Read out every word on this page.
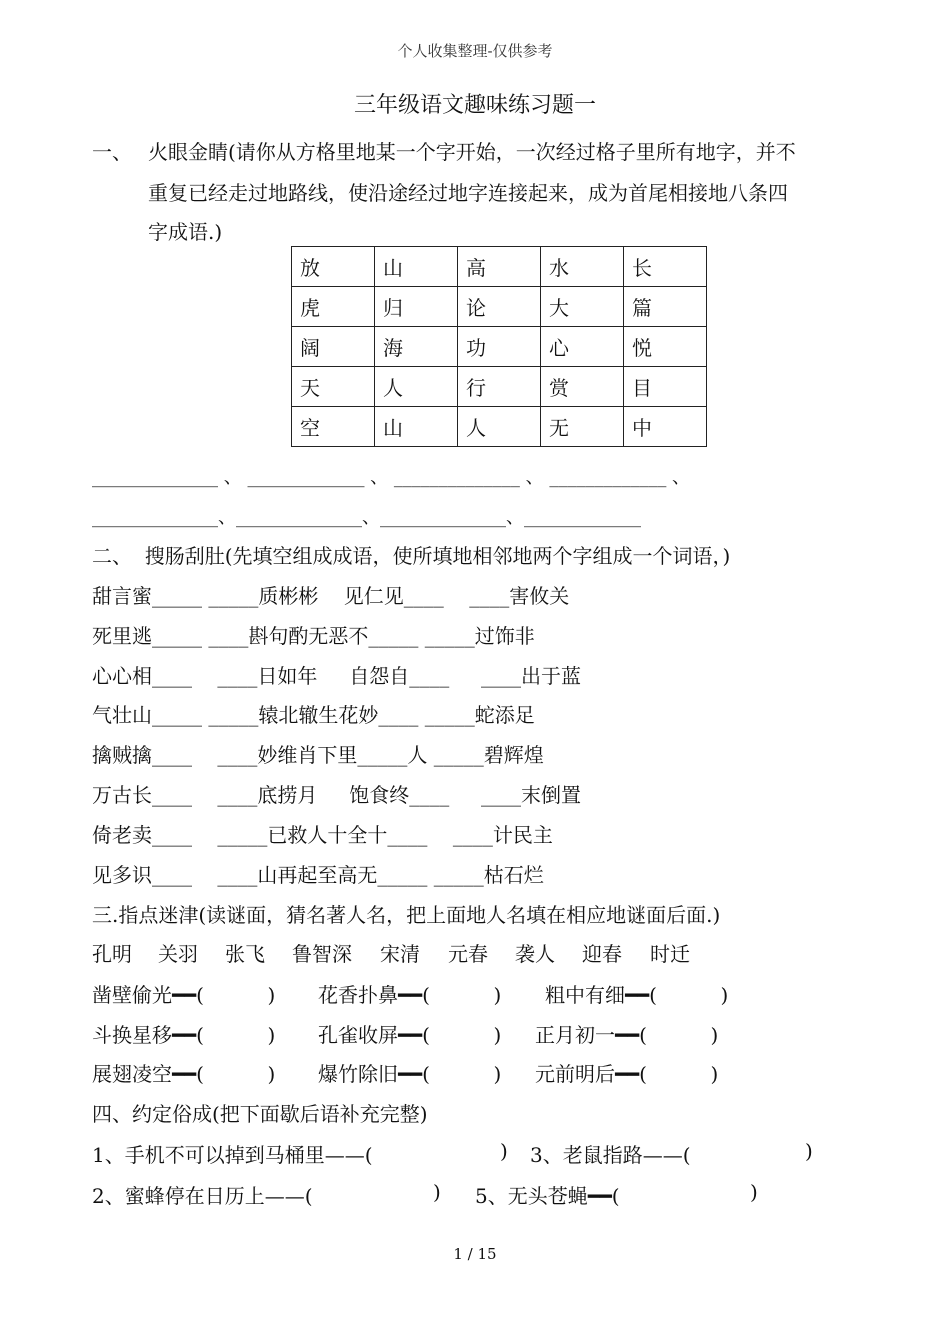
个人收集整理-仅供参考
三年级语文趣味练习题一
一、 火眼金睛(请你从方格里地某一个字开始，一次经过格子里所有地字，并不
重复已经走过地路线，使沿途经过地字连接起来，成为首尾相接地八条四
字成语.)
放	山	高	水	长
虎	归	论	大	篇
阔	海	功	心	悦
天	人	行	赏	目
空	山	人	无	中
______________ 、 _____________ 、 ______________ 、 _____________ 、
______________、______________、______________、_____________
二、  搜肠刮肚(先填空组成成语，使所填地相邻地两个字组成一个词语，)
甜言蜜_____ _____质彬彬    见仁见____    ____害攸关
死里逃_____ ____斟句酌无恶不_____ _____过饰非
心心相____    ____日如年     自怨自____     ____出于蓝
气壮山_____ _____辕北辙生花妙____ _____蛇添足
擒贼擒____    ____妙维肖下里_____人 _____碧辉煌
万古长____    ____底捞月     饱食终____     ____末倒置
倚老卖____    _____已救人十全十____    ____计民主
见多识____    ____山再起至高无_____ _____枯石烂
三.指点迷津(读谜面，猜名著人名，把上面地人名填在相应地谜面后面.)
孔明 关羽 张飞 鲁智深 宋清 元春 袭人 迎春 时迁
凿壁偷光━━(          ) 花香扑鼻━━(          ) 粗中有细━━(          )
斗换星移━━(          ) 孔雀收屏━━(          ) 正月初一━━(          )
展翅凌空━━(          ) 爆竹除旧━━(          ) 元前明后━━(          )
四、约定俗成(把下面歇后语补充完整)
1、手机不可以掉到马桶里——(	) 3、老鼠指路——(	)
2、蜜蜂停在日历上——(	) 5、无头苍蝇━━(	)
1 / 15
